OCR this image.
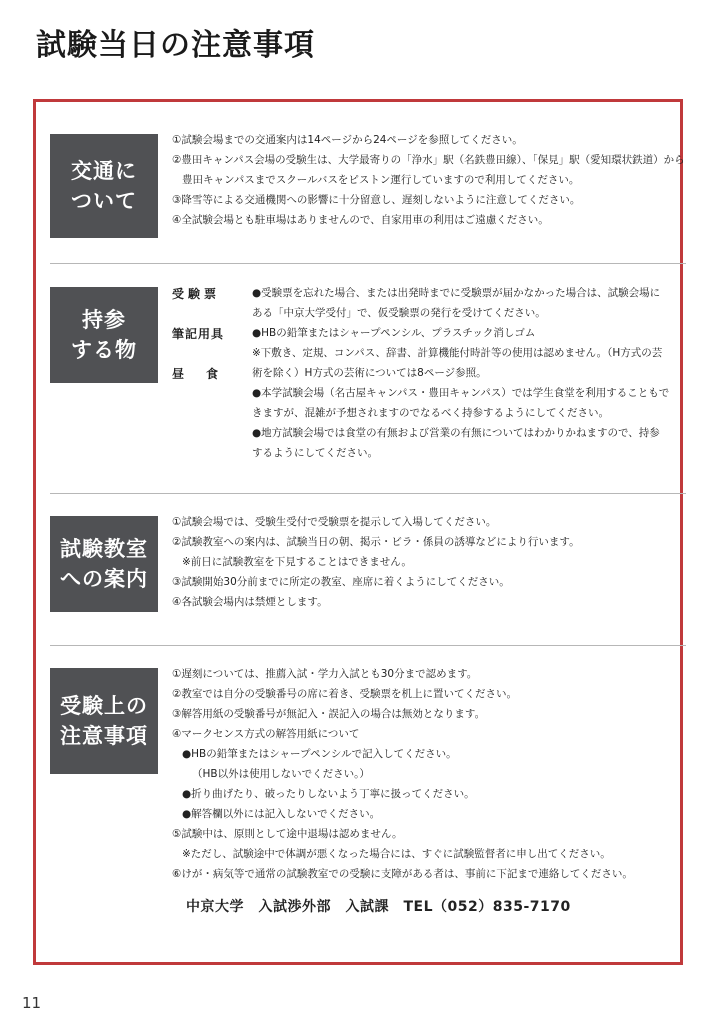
試験当日の注意事項
交通に
ついて

①試験会場までの交通案内は14ページから24ページを参照してください。

②豊田キャンパス会場の受験生は、大学最寄りの「浄水」駅（名鉄豊田線）、「保見」駅（愛知環状鉄道）から

豊田キャンパスまでスクールバスをピストン運行していますので利用してください。

③降雪等による交通機関への影響に十分留意し、遅刻しないように注意してください。

④全試験会場とも駐車場はありませんので、自家用車の利用はご遠慮ください。

持参
する物
受験票	●受験票を忘れた場合、または出発時までに受験票が届かなかった場合は、試験会場に

ある「中京大学受付」で、仮受験票の発行を受けてください。

筆記用具	●HBの鉛筆またはシャープペンシル、プラスチック消しゴム

※下敷き、定規、コンパス、辞書、計算機能付時計等の使用は認めません。（H方式の芸

術を除く）H方式の芸術については8ページ参照。

昼食

●本学試験会場（名古屋キャンパス・豊田キャンパス）では学生食堂を利用することもで

きますが、混雑が予想されますのでなるべく持参するようにしてください。

●地方試験会場では食堂の有無および営業の有無についてはわかりかねますので、持参

するようにしてください。

試験教室
への案内

①試験会場では、受験生受付で受験票を提示して入場してください。

②試験教室への案内は、試験当日の朝、掲示・ビラ・係員の誘導などにより行います。

※前日に試験教室を下見することはできません。

③試験開始30分前までに所定の教室、座席に着くようにしてください。

④各試験会場内は禁煙とします。

受験上の
注意事項

①遅刻については、推薦入試・学力入試とも30分まで認めます。

②教室では自分の受験番号の席に着き、受験票を机上に置いてください。

③解答用紙の受験番号が無記入・誤記入の場合は無効となります。

④マークセンス方式の解答用紙について

●HBの鉛筆またはシャープペンシルで記入してください。

（HB以外は使用しないでください。）

●折り曲げたり、破ったりしないよう丁寧に扱ってください。

●解答欄以外には記入しないでください。

⑤試験中は、原則として途中退場は認めません。

※ただし、試験途中で体調が悪くなった場合には、すぐに試験監督者に申し出てください。

⑥けが・病気等で通常の試験教室での受験に支障がある者は、事前に下記まで連絡してください。

中京大学　入試渉外部　入試課　TEL（052）835-7170
11
